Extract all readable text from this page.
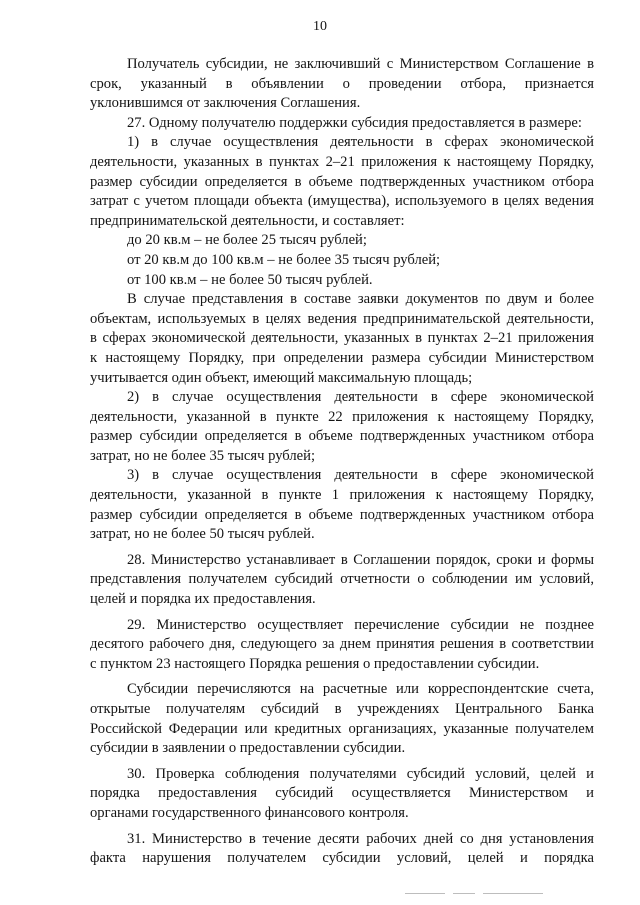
10

Получатель субсидии, не заключивший с Министерством Соглашение в
срок, указанный в объявлении о проведении отбора, признается
уклонившимся от заключения Соглашения.

27. Одному получателю поддержки субсидия предоставляется в размере:

1) в случае осуществления деятельности в сферах экономической
деятельности, указанных в пунктах 2–21 приложения к настоящему Порядку,
размер субсидии определяется в объеме подтвержденных участником отбора
затрат с учетом площади объекта (имущества), используемого в целях ведения
предпринимательской деятельности, и составляет:

до 20 кв.м – не более 25 тысяч рублей;
от 20 кв.м до 100 кв.м – не более 35 тысяч рублей;
от 100 кв.м – не более 50 тысяч рублей.

В случае представления в составе заявки документов по двум и более
объектам, используемых в целях ведения предпринимательской деятельности,
в сферах экономической деятельности, указанных в пунктах 2–21 приложения
к настоящему Порядку, при определении размера субсидии Министерством
учитывается один объект, имеющий максимальную площадь;

2) в случае осуществления деятельности в сфере экономической
деятельности, указанной в пункте 22 приложения к настоящему Порядку,
размер субсидии определяется в объеме подтвержденных участником отбора
затрат, но не более 35 тысяч рублей;

3) в случае осуществления деятельности в сфере экономической
деятельности, указанной в пункте 1 приложения к настоящему Порядку,
размер субсидии определяется в объеме подтвержденных участником отбора
затрат, но не более 50 тысяч рублей.

28. Министерство устанавливает в Соглашении порядок, сроки и формы
представления получателем субсидий отчетности о соблюдении им условий,
целей и порядка их предоставления.

29. Министерство осуществляет перечисление субсидии не позднее
десятого рабочего дня, следующего за днем принятия решения в соответствии
с пунктом 23 настоящего Порядка решения о предоставлении субсидии.

Субсидии перечисляются на расчетные или корреспондентские счета,
открытые получателям субсидий в учреждениях Центрального Банка
Российской Федерации или кредитных организациях, указанные получателем
субсидии в заявлении о предоставлении субсидии.

30. Проверка соблюдения получателями субсидий условий, целей и
порядка предоставления субсидий осуществляется Министерством и
органами государственного финансового контроля.

31. Министерство в течение десяти рабочих дней со дня установления
факта нарушения получателем субсидии условий, целей и порядка
